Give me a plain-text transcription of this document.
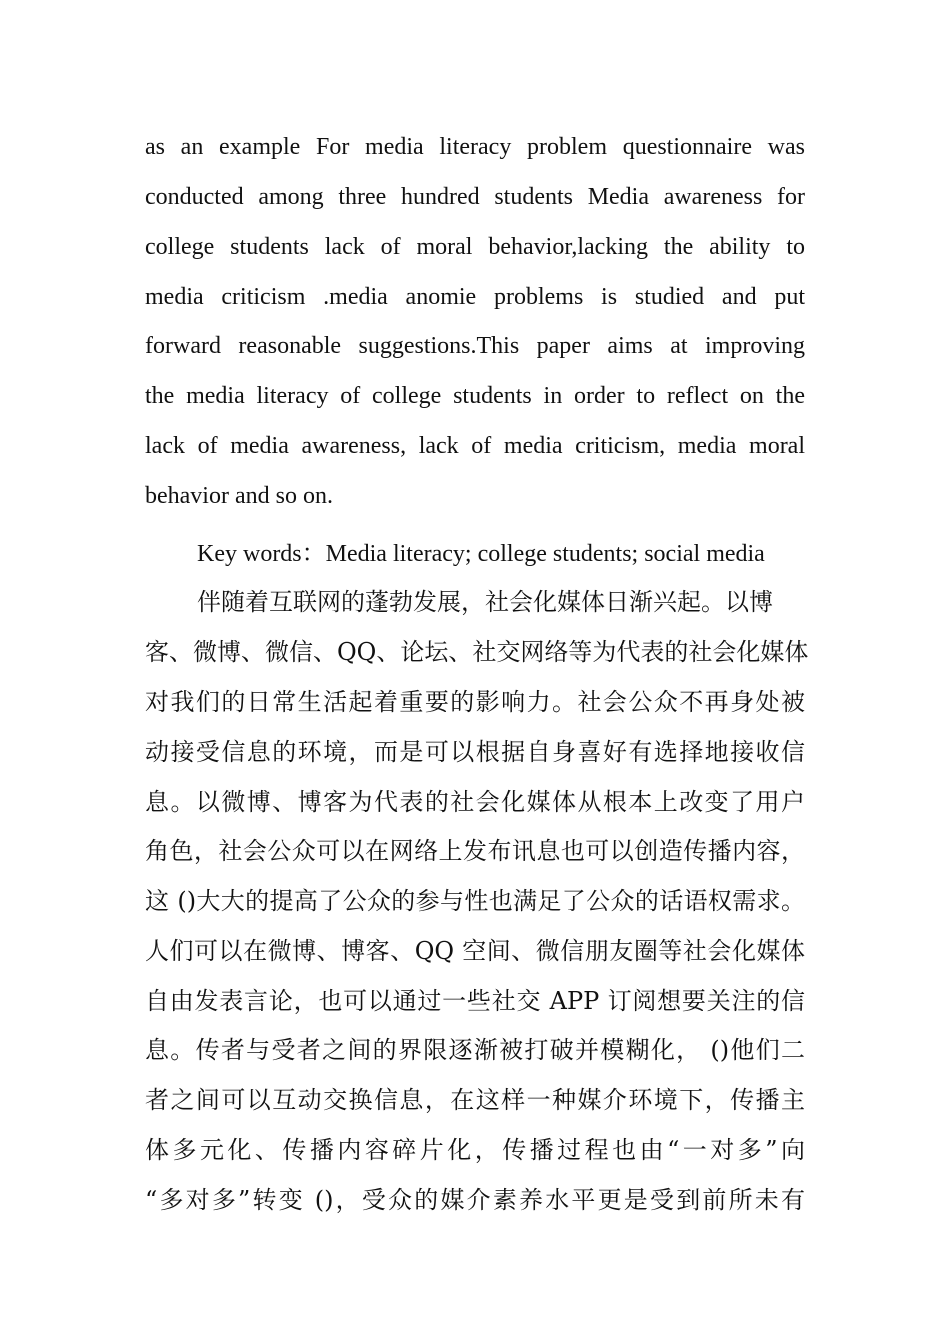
as an example For media literacy problem questionnaire was
conducted among three hundred students Media awareness for
college students lack of moral behavior,lacking the ability to
media criticism .media anomie problems is studied and put
forward reasonable suggestions.This paper aims at improving
the media literacy of college students in order to reflect on the
lack of media awareness, lack of media criticism, media moral
behavior and so on.
Key words：Media literacy; college students; social media
伴随着互联网的蓬勃发展，社会化媒体日渐兴起。以博
客、微博、微信、QQ、论坛、社交网络等为代表的社会化媒体
对我们的日常生活起着重要的影响力。社会公众不再身处被
动接受信息的环境，而是可以根据自身喜好有选择地接收信
息。以微博、博客为代表的社会化媒体从根本上改变了用户
角色，社会公众可以在网络上发布讯息也可以创造传播内容，
这 ()大大的提高了公众的参与性也满足了公众的话语权需求。
人们可以在微博、博客、QQ 空间、微信朋友圈等社会化媒体
自由发表言论，也可以通过一些社交 APP 订阅想要关注的信
息。传者与受者之间的界限逐渐被打破并模糊化， ()他们二
者之间可以互动交换信息，在这样一种媒介环境下，传播主
体多元化、传播内容碎片化，传播过程也由“一对多”向
“多对多”转变 ()，受众的媒介素养水平更是受到前所未有
